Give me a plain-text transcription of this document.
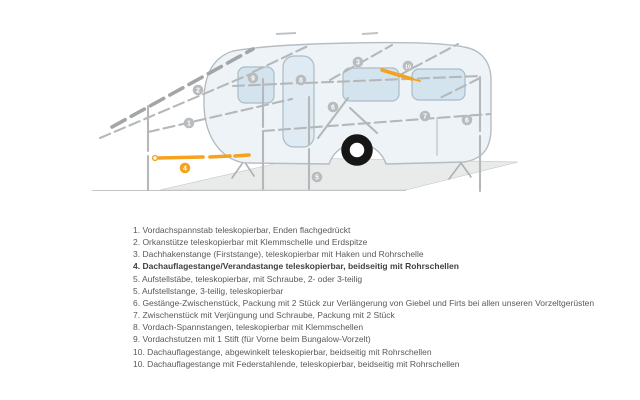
1
2
9	8
3
10
6
7
6
5
4
1. Vordachspannstab teleskopierbar, Enden flachgedrückt
2. Orkanstütze teleskopierbar mit Klemmschelle und Erdspitze
3. Dachhakenstange (Firststange), teleskopierbar mit Haken und Rohrschelle
4. Dachauflagestange/Verandastange teleskopierbar, beidseitig mit Rohrschellen
5. Aufstellstäbe, teleskopierbar, mit Schraube, 2- oder 3-teilig
5. Aufstellstange, 3-teilig, teleskopierbar
6. Gestänge-Zwischenstück, Packung mit 2 Stück zur Verlängerung von Giebel und Firts bei allen unseren Vorzeltgerüsten
7. Zwischenstück mit Verjüngung und Schraube, Packung mit 2 Stück
8. Vordach-Spannstangen, teleskopierbar mit Klemmschellen
9. Vordachstutzen mit 1 Stift (für Vorne beim Bungalow-Vorzelt)
10. Dachauflagestange, abgewinkelt teleskopierbar, beidseitig mit Rohrschellen
10. Dachauflagestange mit Federstahlende, teleskopierbar, beidseitig mit Rohrschellen
